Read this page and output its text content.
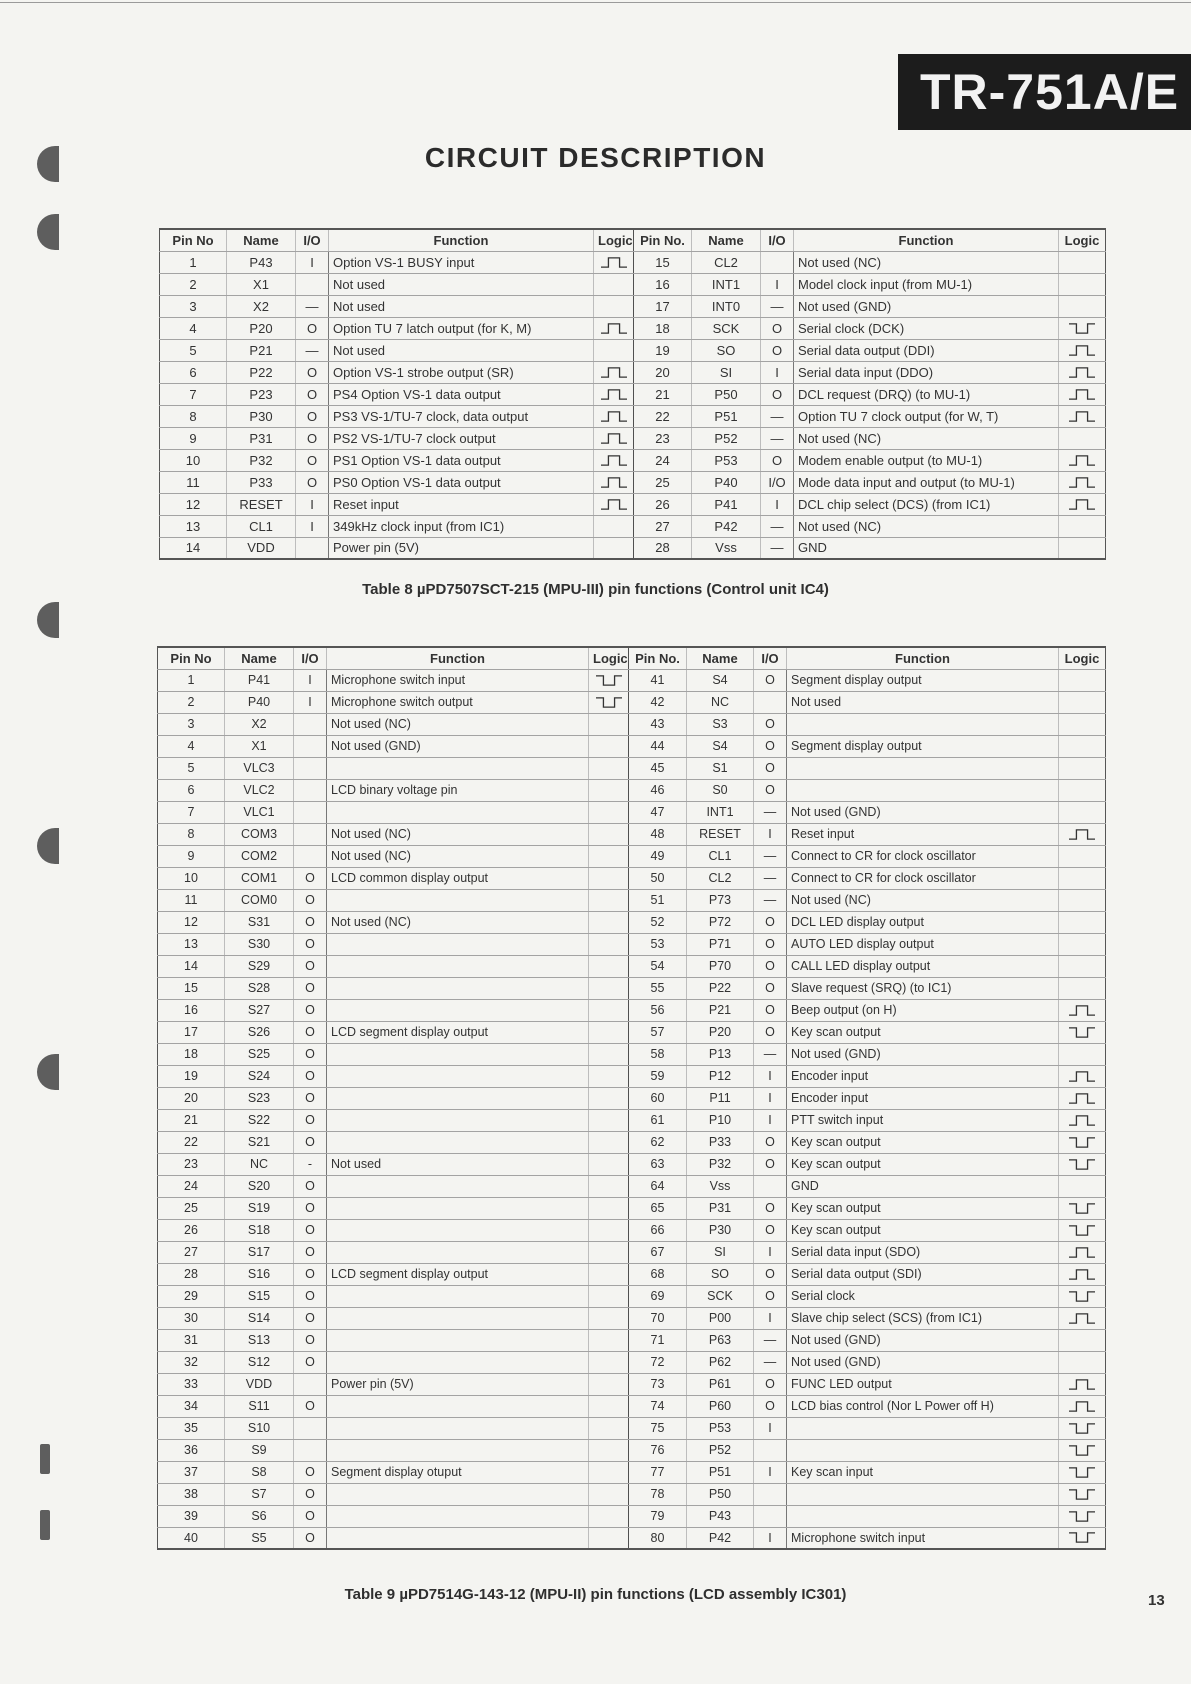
TR-751A/E
CIRCUIT DESCRIPTION
Pin No	Name	I/O	Function	Logic	Pin No.	Name	I/O	Function	Logic
1	P43	I	Option VS-1 BUSY input		15	CL2		Not used (NC)	
2	X1		Not used		16	INT1	I	Model clock input (from MU-1)	
3	X2	—	Not used		17	INT0	—	Not used (GND)	
4	P20	O	Option TU 7 latch output (for K, M)		18	SCK	O	Serial clock (DCK)	

5	P21	—	Not used		19	SO	O	Serial data output (DDI)	

6	P22	O	Option VS-1 strobe output (SR)		20	SI	I	Serial data input (DDO)	

7	P23	O	PS4 Option VS-1 data output		21	P50	O	DCL request (DRQ) (to MU-1)	

8	P30	O	PS3 VS-1/TU-7 clock, data output		22	P51	—	Option TU 7 clock output (for W, T)	

9	P31	O	PS2 VS-1/TU-7 clock output		23	P52	—	Not used (NC)	
10	P32	O	PS1 Option VS-1 data output		24	P53	O	Modem enable output (to MU-1)	

11	P33	O	PS0 Option VS-1 data output		25	P40	I/O	Mode data input and output (to MU-1)	

12	RESET	I	Reset input		26	P41	I	DCL chip select (DCS) (from IC1)	

13	CL1	I	349kHz clock input (from IC1)		27	P42	—	Not used (NC)	
14	VDD		Power pin (5V)		28	Vss	—	GND	
Table 8 µPD7507SCT-215 (MPU-III) pin functions (Control unit IC4)
Pin No	Name	I/O	Function	Logic	Pin No.	Name	I/O	Function	Logic
1	P41	I	Microphone switch input		41	S4	O	Segment display output	
2	P40	I	Microphone switch output		42	NC		Not used	
3	X2		Not used (NC)		43	S3	O		
4	X1		Not used (GND)		44	S4	O	Segment display output	
5	VLC3				45	S1	O		
6	VLC2		LCD binary voltage pin		46	S0	O		
7	VLC1				47	INT1	—	Not used (GND)	
8	COM3		Not used (NC)		48	RESET	I	Reset input	

9	COM2		Not used (NC)		49	CL1	—	Connect to CR for clock oscillator	
10	COM1	O	LCD common display output		50	CL2	—	Connect to CR for clock oscillator	
11	COM0	O			51	P73	—	Not used (NC)	
12	S31	O	Not used (NC)		52	P72	O	DCL LED display output	
13	S30	O			53	P71	O	AUTO LED display output	
14	S29	O			54	P70	O	CALL LED display output	
15	S28	O			55	P22	O	Slave request (SRQ) (to IC1)	
16	S27	O			56	P21	O	Beep output (on H)	

17	S26	O	LCD segment display output		57	P20	O	Key scan output	

18	S25	O			58	P13	—	Not used (GND)	
19	S24	O			59	P12	I	Encoder input	

20	S23	O			60	P11	I	Encoder input	

21	S22	O			61	P10	I	PTT switch input	

22	S21	O			62	P33	O	Key scan output	

23	NC	-	Not used		63	P32	O	Key scan output	

24	S20	O			64	Vss		GND	
25	S19	O			65	P31	O	Key scan output	

26	S18	O			66	P30	O	Key scan output	

27	S17	O			67	SI	I	Serial data input (SDO)	

28	S16	O	LCD segment display output		68	SO	O	Serial data output (SDI)	

29	S15	O			69	SCK	O	Serial clock	

30	S14	O			70	P00	I	Slave chip select (SCS) (from IC1)	

31	S13	O			71	P63	—	Not used (GND)	
32	S12	O			72	P62	—	Not used (GND)	
33	VDD		Power pin (5V)		73	P61	O	FUNC LED output	

34	S11	O			74	P60	O	LCD bias control (Nor L Power off H)	

35	S10				75	P53	I		

36	S9				76	P52			

37	S8	O	Segment display otuput		77	P51	I	Key scan input	

38	S7	O			78	P50			

39	S6	O			79	P43			

40	S5	O			80	P42	I	Microphone switch input	
Table 9 µPD7514G-143-12 (MPU-II) pin functions (LCD assembly IC301)	13
